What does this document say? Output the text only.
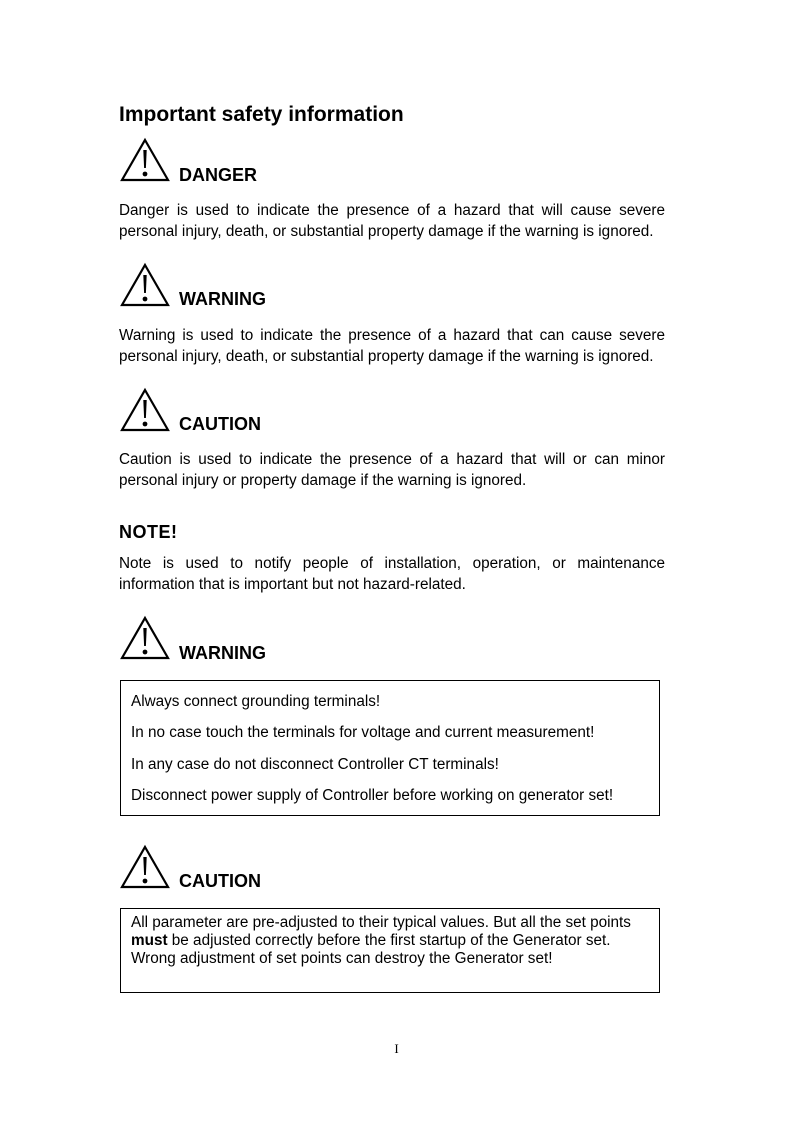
Important safety information
DANGER
Danger is used to indicate the presence of a hazard that will cause severe personal injury, death, or substantial property damage if the warning is ignored.
WARNING
Warning is used to indicate the presence of a hazard that can cause severe personal injury, death, or substantial property damage if the warning is ignored.
CAUTION
Caution is used to indicate the presence of a hazard that will or can minor personal injury or property damage if the warning is ignored.
NOTE!
Note is used to notify people of installation, operation, or maintenance information that is important but not hazard-related.
WARNING
Always connect grounding terminals!
In no case touch the terminals for voltage and current measurement!
In any case do not disconnect Controller CT terminals!
Disconnect power supply of Controller before working on generator set!
CAUTION
All parameter are pre-adjusted to their typical values. But all the set points must be adjusted correctly before the first startup of the Generator set. Wrong adjustment of set points can destroy the Generator set!
I
